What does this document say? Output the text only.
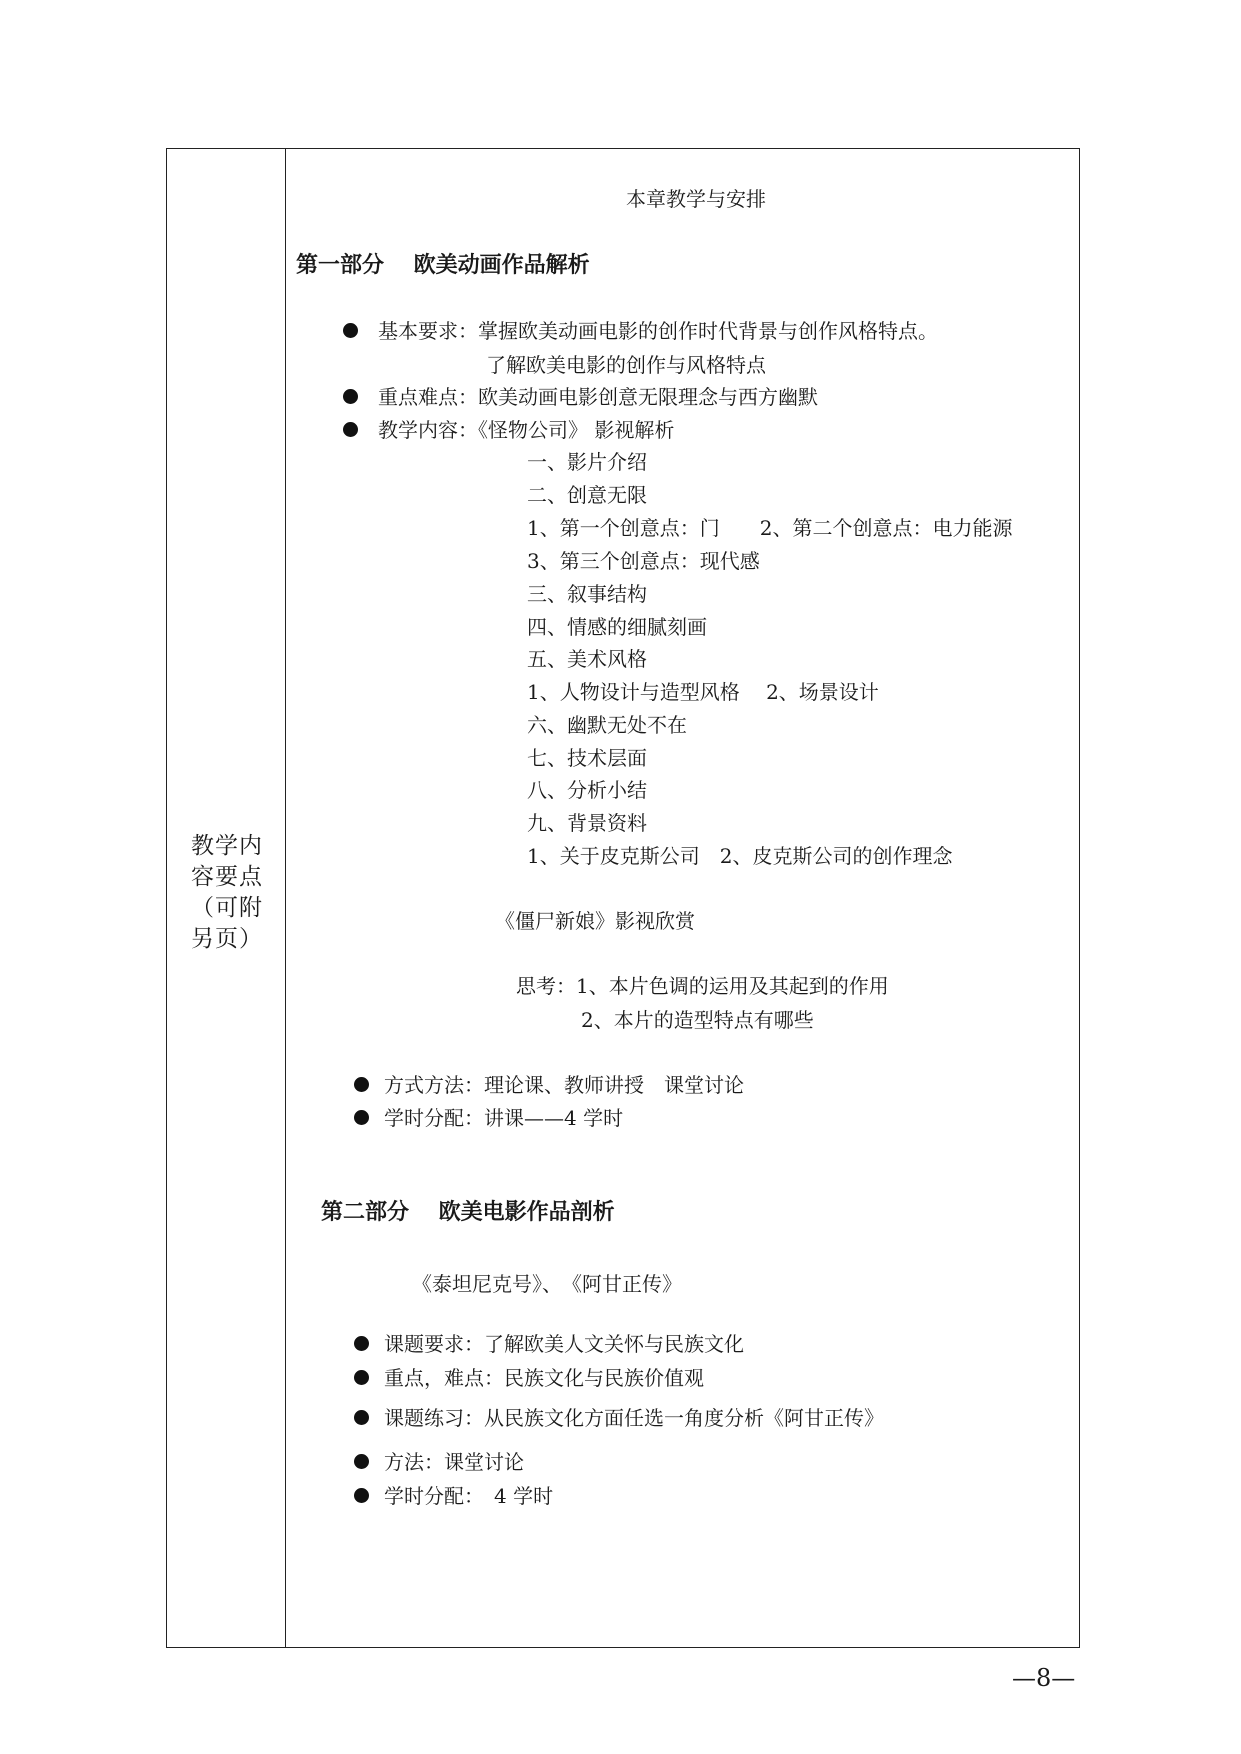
教学内容要点（可附另页）
本章教学与安排
第一部分　 欧美动画作品解析
基本要求：掌握欧美动画电影的创作时代背景与创作风格特点。
了解欧美电影的创作与风格特点
重点难点：欧美动画电影创意无限理念与西方幽默
教学内容：《怪物公司》 影视解析
一、影片介绍
二、创意无限
1、第一个创意点：门　　2、第二个创意点：电力能源
3、第三个创意点：现代感
三、叙事结构
四、情感的细腻刻画
五、美术风格
1、人物设计与造型风格　 2、场景设计
六、幽默无处不在
七、技术层面
八、分析小结
九、背景资料
1、关于皮克斯公司　2、皮克斯公司的创作理念
《僵尸新娘》影视欣赏
思考：1、本片色调的运用及其起到的作用
2、本片的造型特点有哪些
方式方法：理论课、教师讲授　课堂讨论
学时分配：讲课——4 学时
第二部分　 欧美电影作品剖析
《泰坦尼克号》、　《阿甘正传》
课题要求：了解欧美人文关怀与民族文化
重点，难点：民族文化与民族价值观
课题练习：从民族文化方面任选一角度分析《阿甘正传》
方法：课堂讨论
学时分配：　4 学时
—8—
